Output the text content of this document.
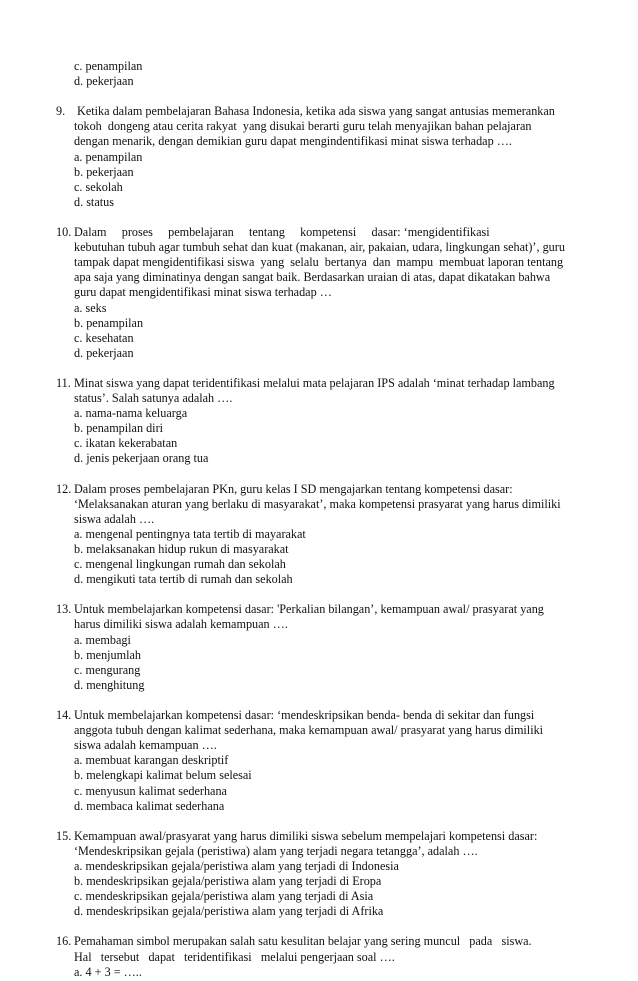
c. penampilan
d. pekerjaan
9. Ketika dalam pembelajaran Bahasa Indonesia, ketika ada siswa yang sangat antusias memerankan
tokoh  dongeng atau cerita rakyat  yang disukai berarti guru telah menyajikan bahan pelajaran
dengan menarik, dengan demikian guru dapat mengindentifikasi minat siswa terhadap ….
a. penampilan
b. pekerjaan
c. sekolah
d. status
10. Dalam     proses     pembelajaran     tentang     kompetensi     dasar: ‘mengidentifikasi
kebutuhan tubuh agar tumbuh sehat dan kuat (makanan, air, pakaian, udara, lingkungan sehat)’, guru
tampak dapat mengidentifikasi siswa  yang  selalu  bertanya  dan  mampu  membuat laporan tentang
apa saja yang diminatinya dengan sangat baik. Berdasarkan uraian di atas, dapat dikatakan bahwa
guru dapat mengidentifikasi minat siswa terhadap …
a. seks
b. penampilan
c. kesehatan
d. pekerjaan
11. Minat siswa yang dapat teridentifikasi melalui mata pelajaran IPS adalah ‘minat terhadap lambang
status’. Salah satunya adalah ….
a. nama-nama keluarga
b. penampilan diri
c. ikatan kekerabatan
d. jenis pekerjaan orang tua
12. Dalam proses pembelajaran PKn, guru kelas I SD mengajarkan tentang kompetensi dasar:
‘Melaksanakan aturan yang berlaku di masyarakat’, maka kompetensi prasyarat yang harus dimiliki
siswa adalah ….
a. mengenal pentingnya tata tertib di mayarakat
b. melaksanakan hidup rukun di masyarakat
c. mengenal lingkungan rumah dan sekolah
d. mengikuti tata tertib di rumah dan sekolah
13. Untuk membelajarkan kompetensi dasar: 'Perkalian bilangan’, kemampuan awal/ prasyarat yang
harus dimiliki siswa adalah kemampuan ….
a. membagi
b. menjumlah
c. mengurang
d. menghitung
14. Untuk membelajarkan kompetensi dasar: ‘mendeskripsikan benda- benda di sekitar dan fungsi
anggota tubuh dengan kalimat sederhana, maka kemampuan awal/ prasyarat yang harus dimiliki
siswa adalah kemampuan ….
a. membuat karangan deskriptif
b. melengkapi kalimat belum selesai
c. menyusun kalimat sederhana
d. membaca kalimat sederhana
15. Kemampuan awal/prasyarat yang harus dimiliki siswa sebelum mempelajari kompetensi dasar:
‘Mendeskripsikan gejala (peristiwa) alam yang terjadi negara tetangga’, adalah ….
a. mendeskripsikan gejala/peristiwa alam yang terjadi di Indonesia
b. mendeskripsikan gejala/peristiwa alam yang terjadi di Eropa
c. mendeskripsikan gejala/peristiwa alam yang terjadi di Asia
d. mendeskripsikan gejala/peristiwa alam yang terjadi di Afrika
16. Pemahaman simbol merupakan salah satu kesulitan belajar yang sering muncul   pada   siswa.
Hal   tersebut   dapat   teridentifikasi   melalui pengerjaan soal ….
a. 4 + 3 = …..
